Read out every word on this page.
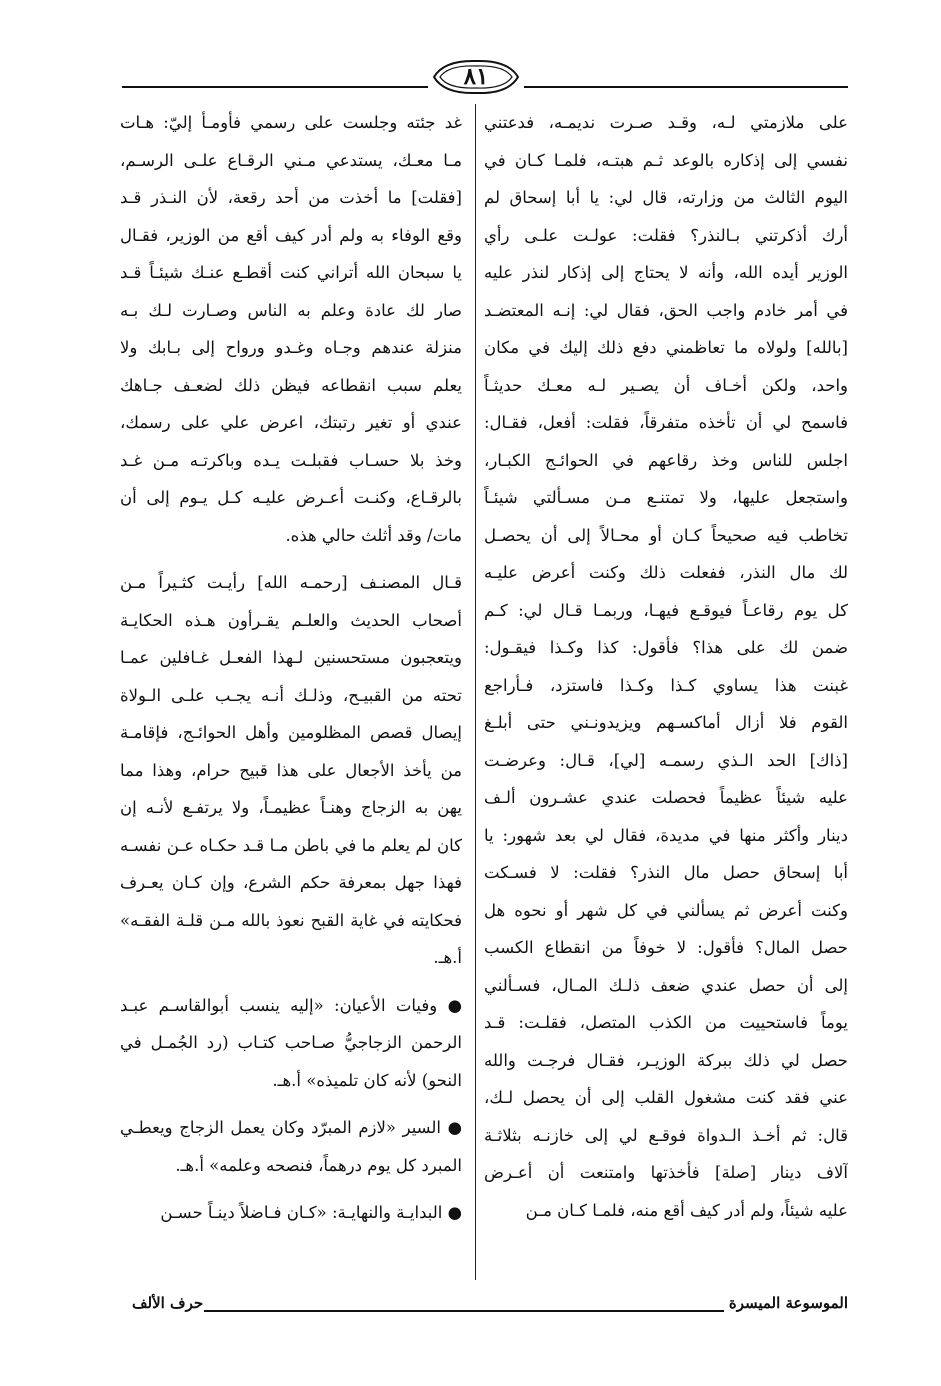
٨١
على ملازمتي لـه، وقـد صـرت نديمـه، فدعتني
نفسي إلى إذكاره بالوعد ثـم هبتـه، فلمـا كـان في
اليوم الثالث من وزارته، قال لي: يا أبا إسحاق لم
أرك أذكرتني بـالنذر؟ فقلت: عولـت علـى رأي
الوزير أيده الله، وأنه لا يحتاج إلى إذكار لنذر عليه
في أمر خادم واجب الحق، فقال لي: إنـه المعتضـد
[بالله] ولولاه ما تعاظمني دفع ذلك إليك في مكان
واحد، ولكن أخـاف أن يصـير لـه معـك حديثـاً
فاسمح لي أن تأخذه متفرقاً، فقلت: أفعل، فقـال:
اجلس للناس وخذ رقاعهم في الحوائـج الكبـار،
واستجعل عليها، ولا تمتنـع مـن مسـألتي شيئـاً
تخاطب فيه صحيحاً كـان أو محـالاً إلى أن يحصـل
لك مال النذر، ففعلت ذلك وكنت أعرض عليـه
كل يوم رقاعـاً فيوقـع فيهـا، وربمـا قـال لي: كـم
ضمن لك على هذا؟ فأقول: كذا وكـذا فيقـول:
غبنت هذا يساوي كـذا وكـذا فاستزد، فـأراجع
القوم فلا أزال أماكسـهم ويزيدونـني حتى أبلـغ
[ذاك] الحد الـذي رسمـه [لي]، قـال: وعرضـت
عليه شيئاً عظيماً فحصلت عندي عشـرون ألـف
دينار وأكثر منها في مديدة، فقال لي بعد شهور: يا
أبا إسحاق حصل مال النذر؟ فقلت: لا فسـكت
وكنت أعرض ثم يسألني في كل شهر أو نحوه هل
حصل المال؟ فأقول: لا خوفاً من انقطاع الكسب
إلى أن حصل عندي ضعف ذلـك المـال، فسـألني
يوماً فاستحييت من الكذب المتصل، فقلـت: قـد
حصل لي ذلك ببركة الوزيـر، فقـال فرجـت والله
عني فقد كنت مشغول القلب إلى أن يحصل لـك،
قال: ثم أخـذ الـدواة فوقـع لي إلى خازنـه بثلاثـة
آلاف دينار [صلة] فأخذتها وامتنعت أن أعـرض
عليه شيئاً، ولم أدر كيف أقع منه، فلمـا كـان مـن
غد جئته وجلست على رسمي فأومـأ إليّ: هـات
مـا معـك، يستدعي مـني الرقـاع علـى الرسـم،
[فقلت] ما أخذت من أحد رقعة، لأن النـذر قـد
وقع الوفاء به ولم أدر كيف أقع من الوزير، فقـال
يا سبحان الله أتراني كنت أقطـع عنـك شيئـاً قـد
صار لك عادة وعلم به الناس وصـارت لـك بـه
منزلة عندهم وجـاه وغـدو ورواح إلى بـابك ولا
يعلم سبب انقطاعه فيظن ذلك لضعـف جـاهك
عندي أو تغير رتبتك، اعرض علي على رسمك،
وخذ بلا حسـاب فقبلـت يـده وباكرتـه مـن غـد
بالرقـاع، وكنـت أعـرض عليـه كـل يـوم إلى أن
مات/ وقد أثلث حالي هذه.
قـال المصنـف [رحمـه الله] رأيـت كثـيراً مـن
أصحاب الحديث والعلـم يقـرأون هـذه الحكايـة
ويتعجبون مستحسنين لـهذا الفعـل غـافلين عمـا
تحته من القبيـح، وذلـك أنـه يجـب علـى الـولاة
إيصال قصص المظلومين وأهل الحوائـج، فإقامـة
من يأخذ الأجعال على هذا قبيح حرام، وهذا مما
يهن به الزجاج وهنـاً عظيمـاً، ولا يرتفـع لأنـه إن
كان لم يعلم ما في باطن مـا قـد حكـاه عـن نفسـه
فهذا جهل بمعرفة حكم الشرع، وإن كـان يعـرف
فحكايته في غاية القبح نعوذ بالله مـن قلـة الفقـه»
أ.هـ.
● وفيات الأعيان: «إليه ينسب أبوالقاسـم عبـد
الرحمن الزجاجيُّ صـاحب كتـاب (رد الجُمـل في
النحو) لأنه كان تلميذه» أ.هـ.
● السير «لازم المبرّد وكان يعمل الزجاج ويعطـي
المبرد كل يوم درهماً، فنصحه وعلمه» أ.هـ.
● البدايـة والنهايـة: «كـان فـاضلاً دينـاً حسـن
الموسوعة الميسرة
حرف الألف
